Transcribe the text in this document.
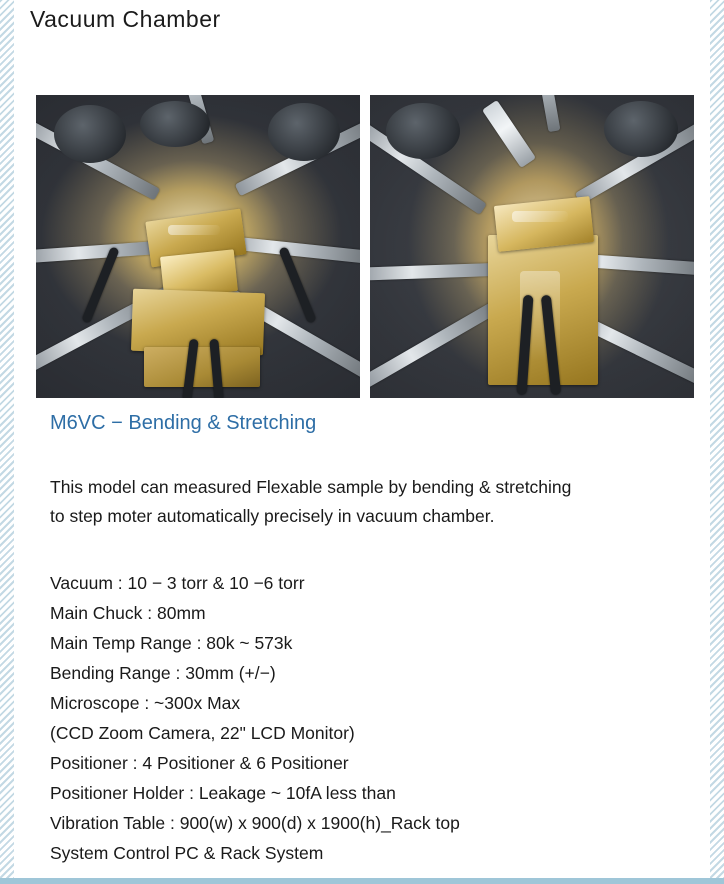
Vacuum Chamber
M6VC − Bending & Stretching
This model can measured Flexable sample by bending & stretching
to step moter automatically precisely in vacuum chamber.
Vacuum : 10 − 3 torr & 10 −6 torr
Main Chuck : 80mm
Main Temp Range : 80k ~ 573k
Bending Range : 30mm (+/−)
Microscope : ~300x Max
(CCD Zoom Camera, 22" LCD Monitor)
Positioner : 4 Positioner & 6 Positioner
Positioner Holder : Leakage ~ 10fA less than
Vibration Table : 900(w) x 900(d) x 1900(h)_Rack top
System Control PC & Rack System
